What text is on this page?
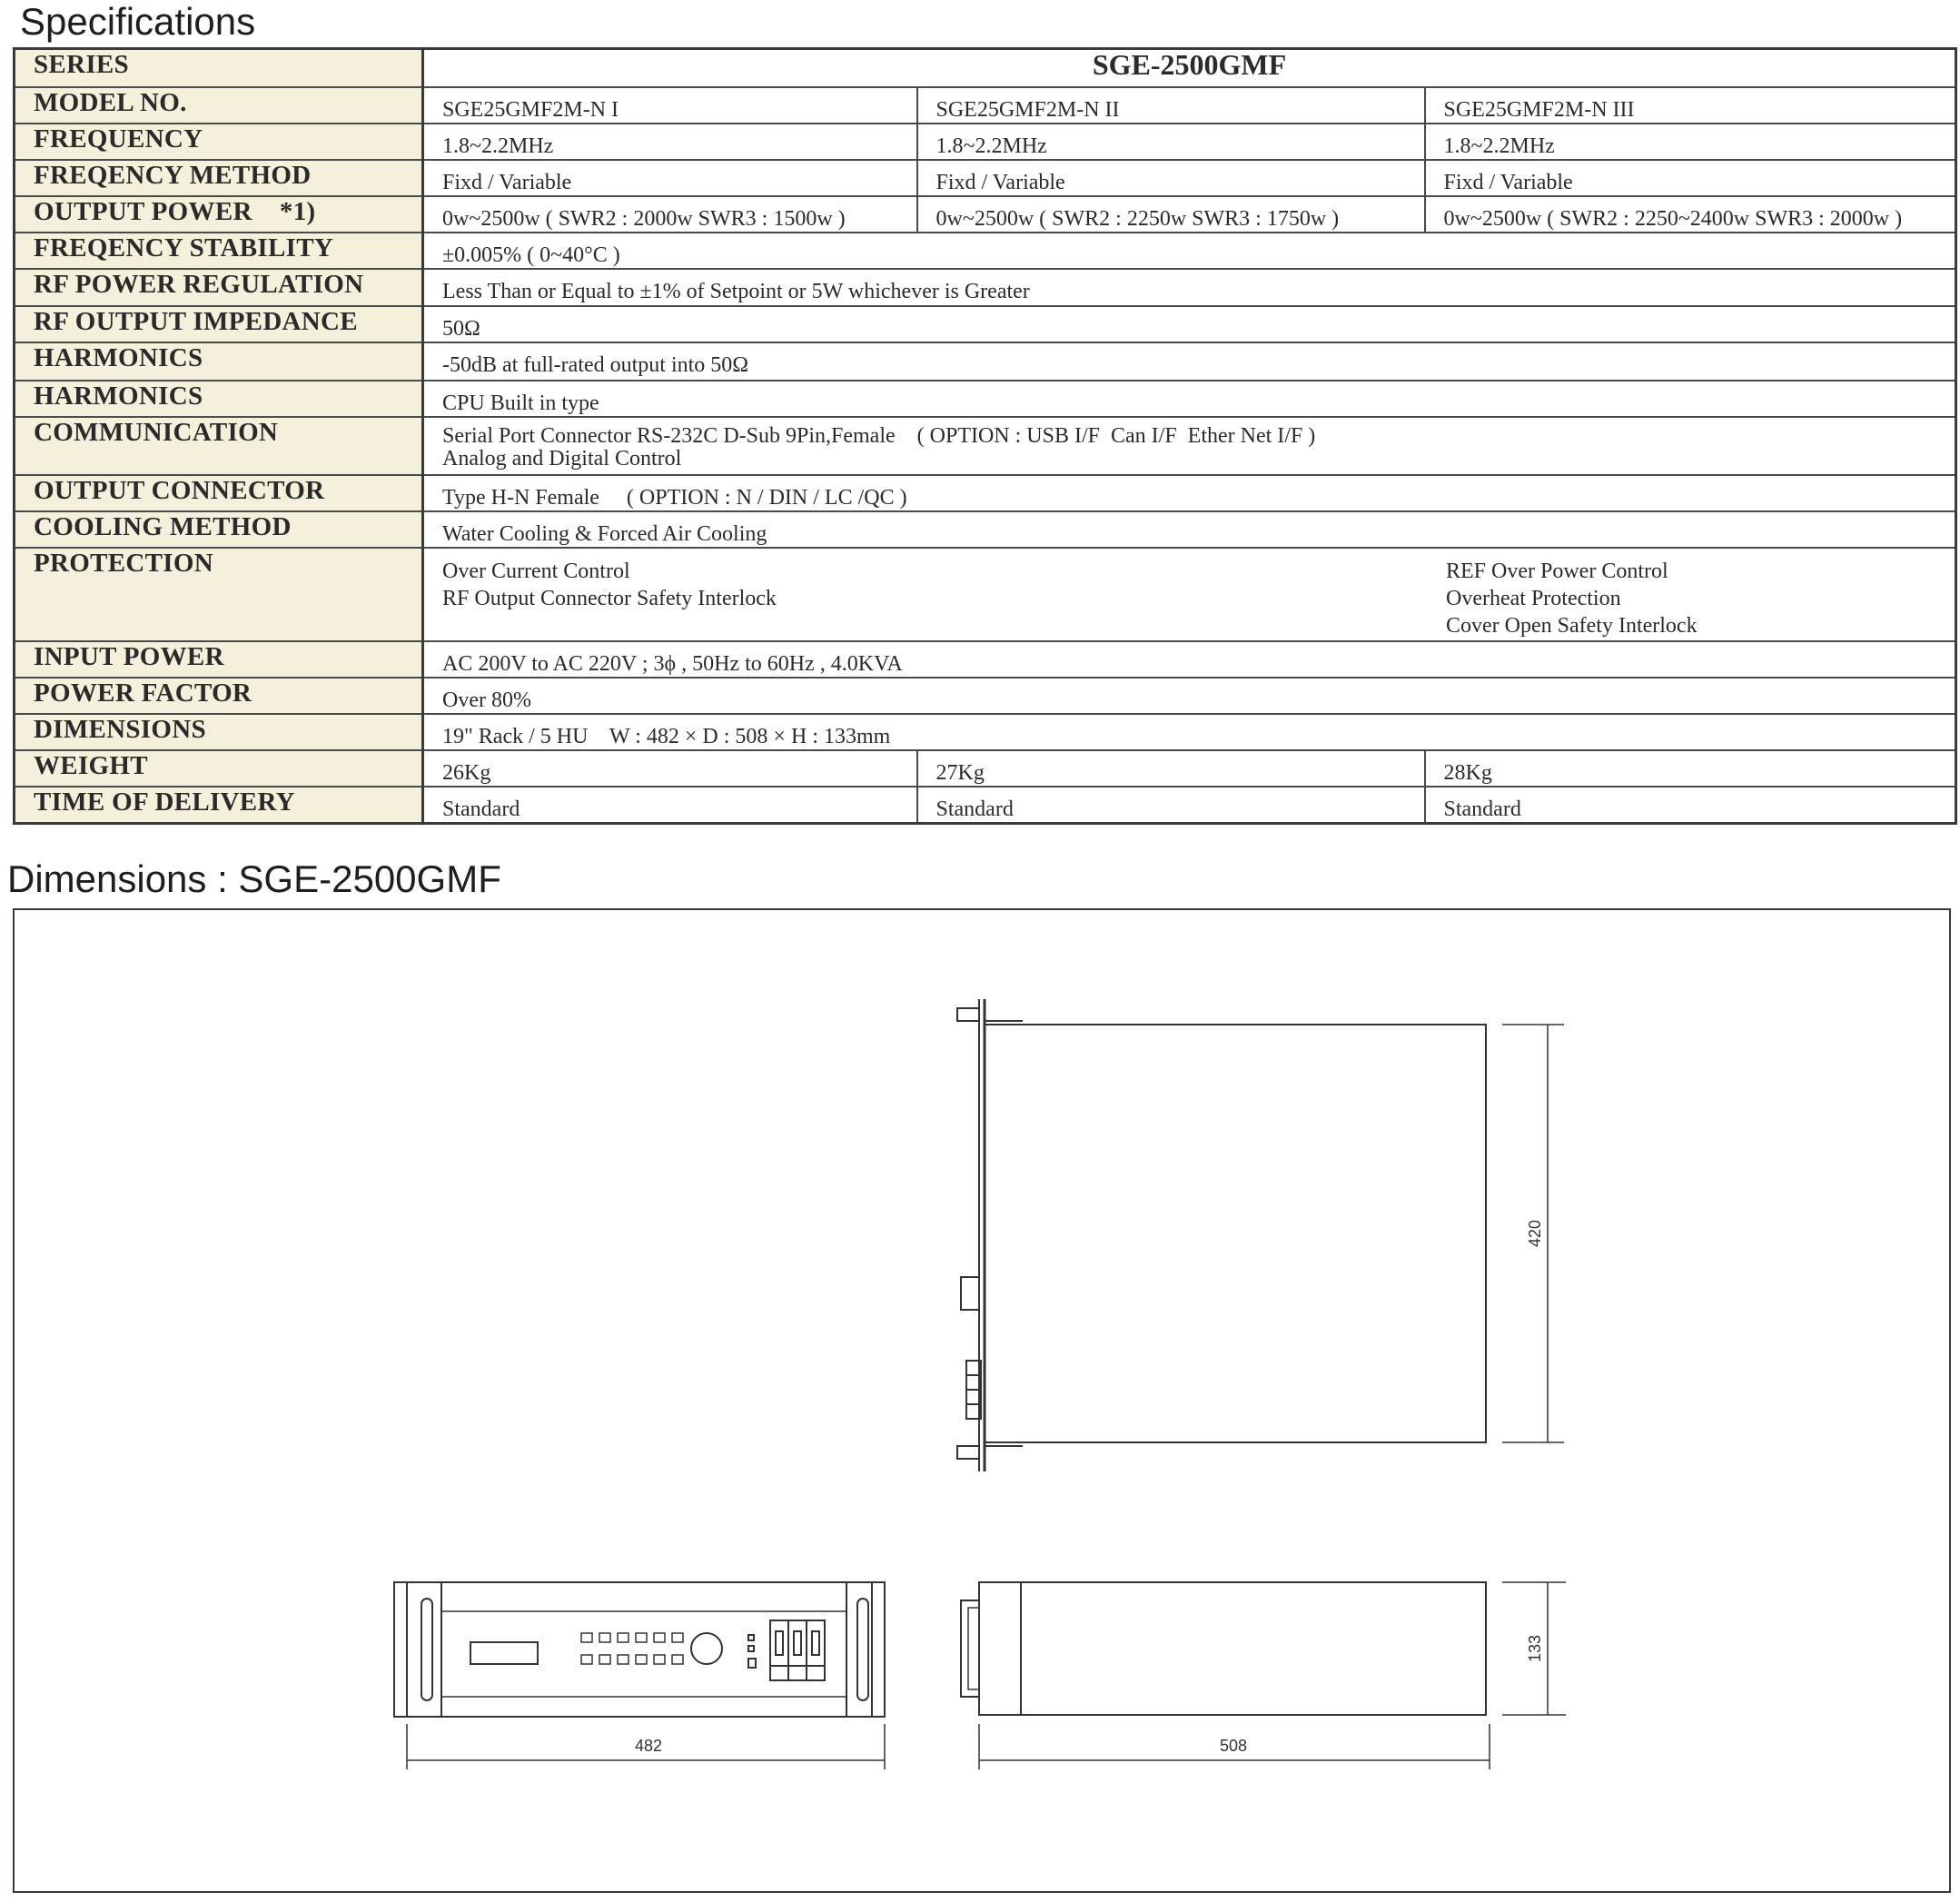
Specifications
SERIES	SGE-2500GMF		
MODEL NO.	SGE25GMF2M-N I	SGE25GMF2M-N II	SGE25GMF2M-N III
FREQUENCY	1.8~2.2MHz	1.8~2.2MHz	1.8~2.2MHz
FREQENCY METHOD	Fixd / Variable	Fixd / Variable	Fixd / Variable
OUTPUT POWER    *1)	0w~2500w ( SWR2 : 2000w SWR3 : 1500w )	0w~2500w ( SWR2 : 2250w SWR3 : 1750w )	0w~2500w ( SWR2 : 2250~2400w SWR3 : 2000w )
FREQENCY STABILITY	±0.005% ( 0~40°C )		
RF POWER REGULATION	Less Than or Equal to ±1% of Setpoint or 5W whichever is Greater		
RF OUTPUT IMPEDANCE	50Ω		
HARMONICS	-50dB at full-rated output into 50Ω		
HARMONICS	CPU Built in type		
COMMUNICATION	Serial Port Connector RS-232C D-Sub 9Pin,Female    ( OPTION : USB I/F  Can I/F  Ether Net I/F )
Analog and Digital Control		

OUTPUT CONNECTOR	Type H-N Female     ( OPTION : N / DIN / LC /QC )		
COOLING METHOD	Water Cooling & Forced Air Cooling		
PROTECTION	Over Current Control
RF Output Connector Safety Interlock
REF Over Power Control
Overheat Protection
Cover Open Safety Interlock		

INPUT POWER	AC 200V to AC 220V ; 3ϕ , 50Hz to 60Hz , 4.0KVA		
POWER FACTOR	Over 80%		
DIMENSIONS	19" Rack / 5 HU    W : 482 × D : 508 × H : 133mm		
WEIGHT	26Kg	27Kg	28Kg
TIME OF DELIVERY	Standard	Standard	Standard
Dimensions : SGE-2500GMF
420
482
133
508
